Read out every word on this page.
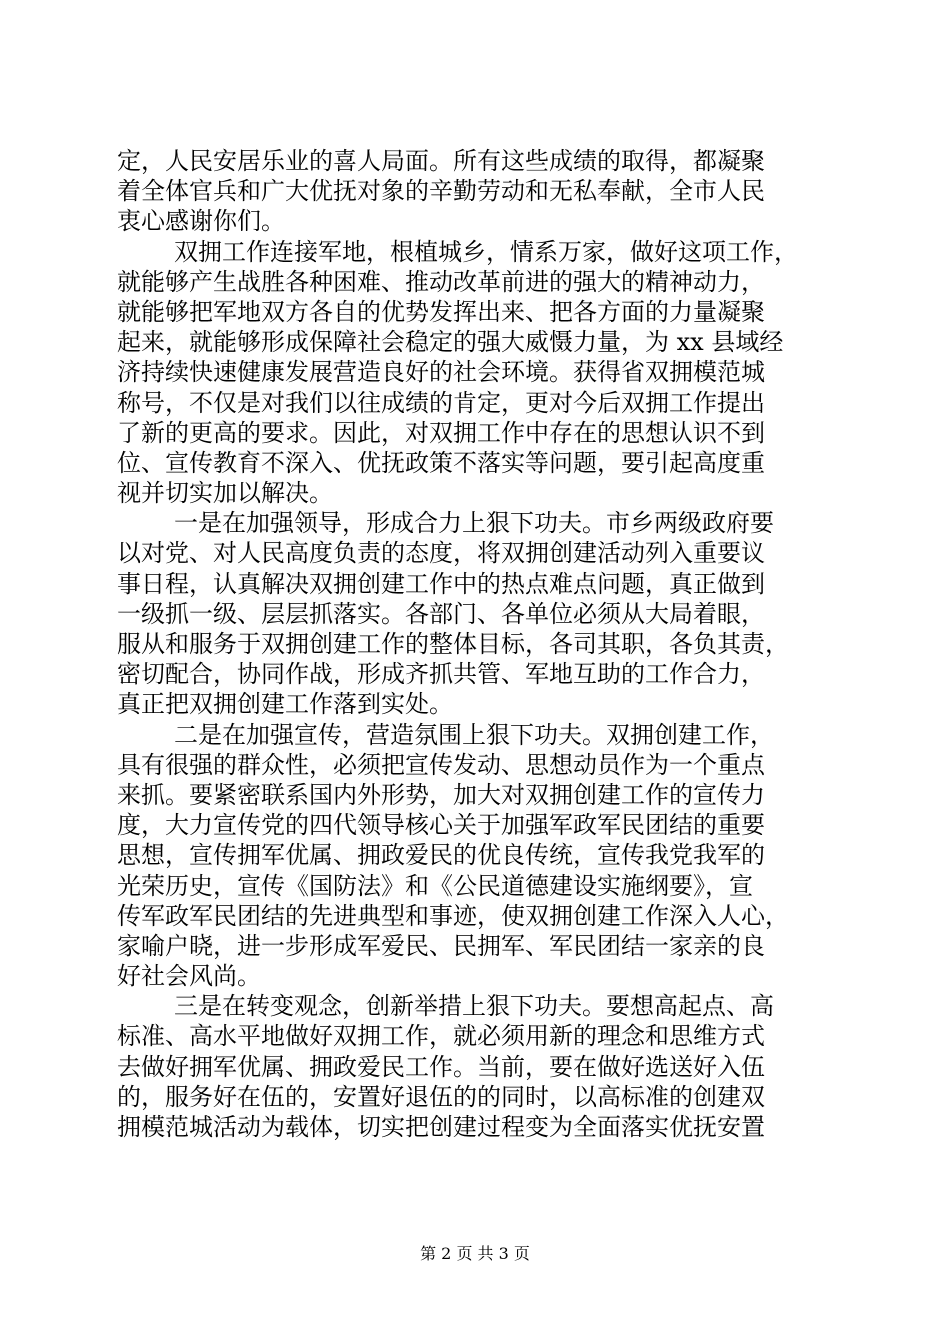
定，人民安居乐业的喜人局面。所有这些成绩的取得，都凝聚
着全体官兵和广大优抚对象的辛勤劳动和无私奉献，全市人民
衷心感谢你们。
双拥工作连接军地，根植城乡，情系万家，做好这项工作，
就能够产生战胜各种困难、推动改革前进的强大的精神动力，
就能够把军地双方各自的优势发挥出来、把各方面的力量凝聚
起来，就能够形成保障社会稳定的强大威慑力量，为 xx 县域经
济持续快速健康发展营造良好的社会环境。获得省双拥模范城
称号，不仅是对我们以往成绩的肯定，更对今后双拥工作提出
了新的更高的要求。因此，对双拥工作中存在的思想认识不到
位、宣传教育不深入、优抚政策不落实等问题，要引起高度重
视并切实加以解决。
一是在加强领导，形成合力上狠下功夫。市乡两级政府要
以对党、对人民高度负责的态度，将双拥创建活动列入重要议
事日程，认真解决双拥创建工作中的热点难点问题，真正做到
一级抓一级、层层抓落实。各部门、各单位必须从大局着眼，
服从和服务于双拥创建工作的整体目标，各司其职，各负其责，
密切配合，协同作战，形成齐抓共管、军地互助的工作合力，
真正把双拥创建工作落到实处。
二是在加强宣传，营造氛围上狠下功夫。双拥创建工作，
具有很强的群众性，必须把宣传发动、思想动员作为一个重点
来抓。要紧密联系国内外形势，加大对双拥创建工作的宣传力
度，大力宣传党的四代领导核心关于加强军政军民团结的重要
思想，宣传拥军优属、拥政爱民的优良传统，宣传我党我军的
光荣历史，宣传《国防法》和《公民道德建设实施纲要》，宣
传军政军民团结的先进典型和事迹，使双拥创建工作深入人心，
家喻户晓，进一步形成军爱民、民拥军、军民团结一家亲的良
好社会风尚。
三是在转变观念，创新举措上狠下功夫。要想高起点、高
标准、高水平地做好双拥工作，就必须用新的理念和思维方式
去做好拥军优属、拥政爱民工作。当前，要在做好选送好入伍
的，服务好在伍的，安置好退伍的的同时，以高标准的创建双
拥模范城活动为载体，切实把创建过程变为全面落实优抚安置
第 2 页 共 3 页
